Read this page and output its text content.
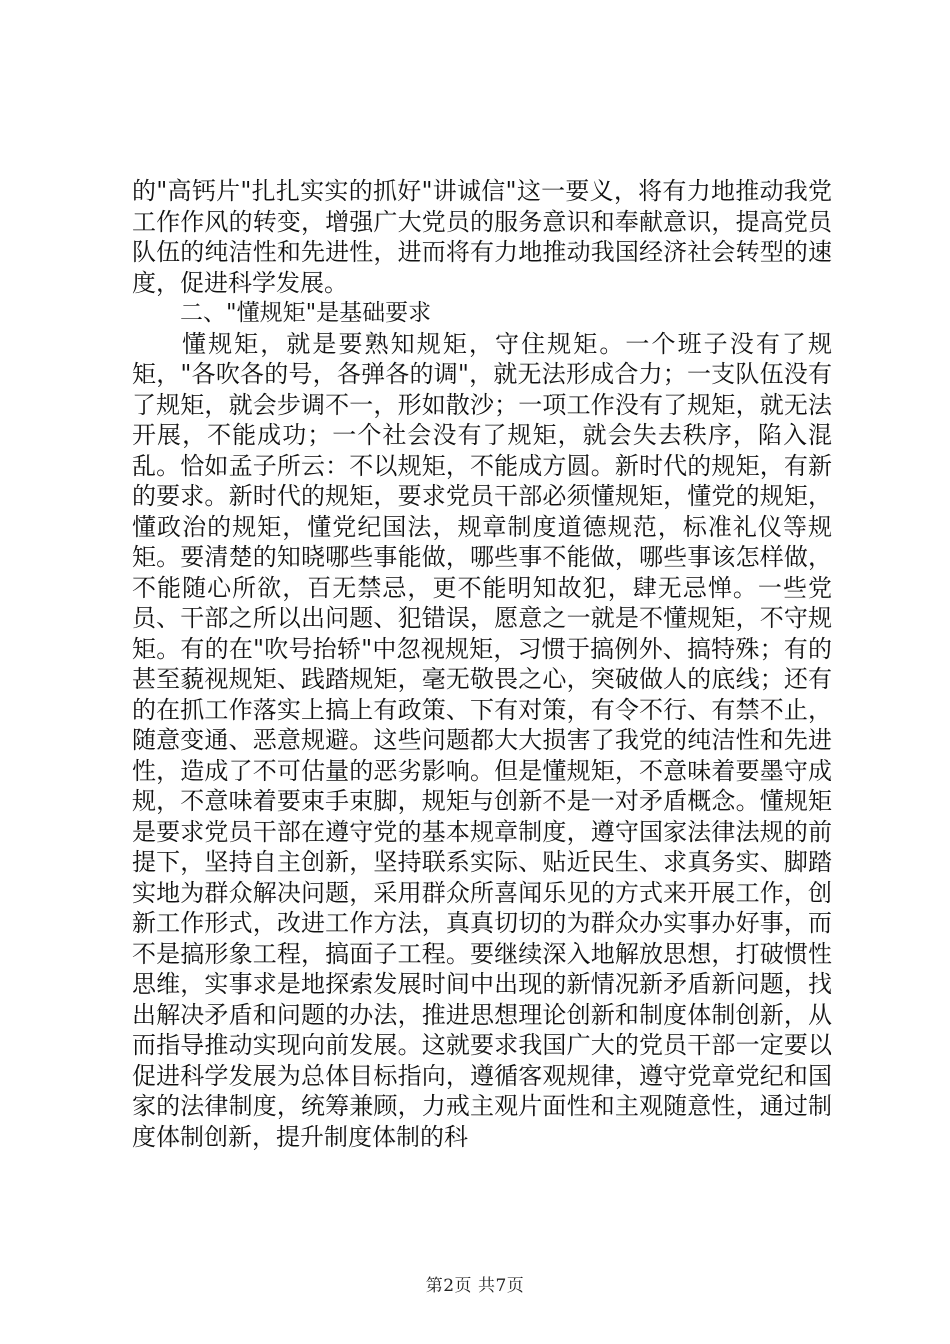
的"高钙片"扎扎实实的抓好"讲诚信"这一要义，将有力地推动我党工作作风的转变，增强广大党员的服务意识和奉献意识，提高党员队伍的纯洁性和先进性，进而将有力地推动我国经济社会转型的速度，促进科学发展。

二、"懂规矩"是基础要求

懂规矩，就是要熟知规矩，守住规矩。一个班子没有了规矩，"各吹各的号，各弹各的调"，就无法形成合力；一支队伍没有了规矩，就会步调不一，形如散沙；一项工作没有了规矩，就无法开展，不能成功；一个社会没有了规矩，就会失去秩序，陷入混乱。恰如孟子所云：不以规矩，不能成方圆。新时代的规矩，有新的要求。新时代的规矩，要求党员干部必须懂规矩，懂党的规矩，懂政治的规矩，懂党纪国法，规章制度道德规范，标准礼仪等规矩。要清楚的知晓哪些事能做，哪些事不能做，哪些事该怎样做，不能随心所欲，百无禁忌，更不能明知故犯，肆无忌惮。一些党员、干部之所以出问题、犯错误，愿意之一就是不懂规矩，不守规矩。有的在"吹号抬轿"中忽视规矩，习惯于搞例外、搞特殊；有的甚至藐视规矩、践踏规矩，毫无敬畏之心，突破做人的底线；还有的在抓工作落实上搞上有政策、下有对策，有令不行、有禁不止，随意变通、恶意规避。这些问题都大大损害了我党的纯洁性和先进性，造成了不可估量的恶劣影响。但是懂规矩，不意味着要墨守成规，不意味着要束手束脚，规矩与创新不是一对矛盾概念。懂规矩是要求党员干部在遵守党的基本规章制度，遵守国家法律法规的前提下，坚持自主创新，坚持联系实际、贴近民生、求真务实、脚踏实地为群众解决问题，采用群众所喜闻乐见的方式来开展工作，创新工作形式，改进工作方法，真真切切的为群众办实事办好事，而不是搞形象工程，搞面子工程。要继续深入地解放思想，打破惯性思维，实事求是地探索发展时间中出现的新情况新矛盾新问题，找出解决矛盾和问题的办法，推进思想理论创新和制度体制创新，从而指导推动实现向前发展。这就要求我国广大的党员干部一定要以促进科学发展为总体目标指向，遵循客观规律，遵守党章党纪和国家的法律制度，统筹兼顾，力戒主观片面性和主观随意性，通过制度体制创新，提升制度体制的科

第2页 共7页
